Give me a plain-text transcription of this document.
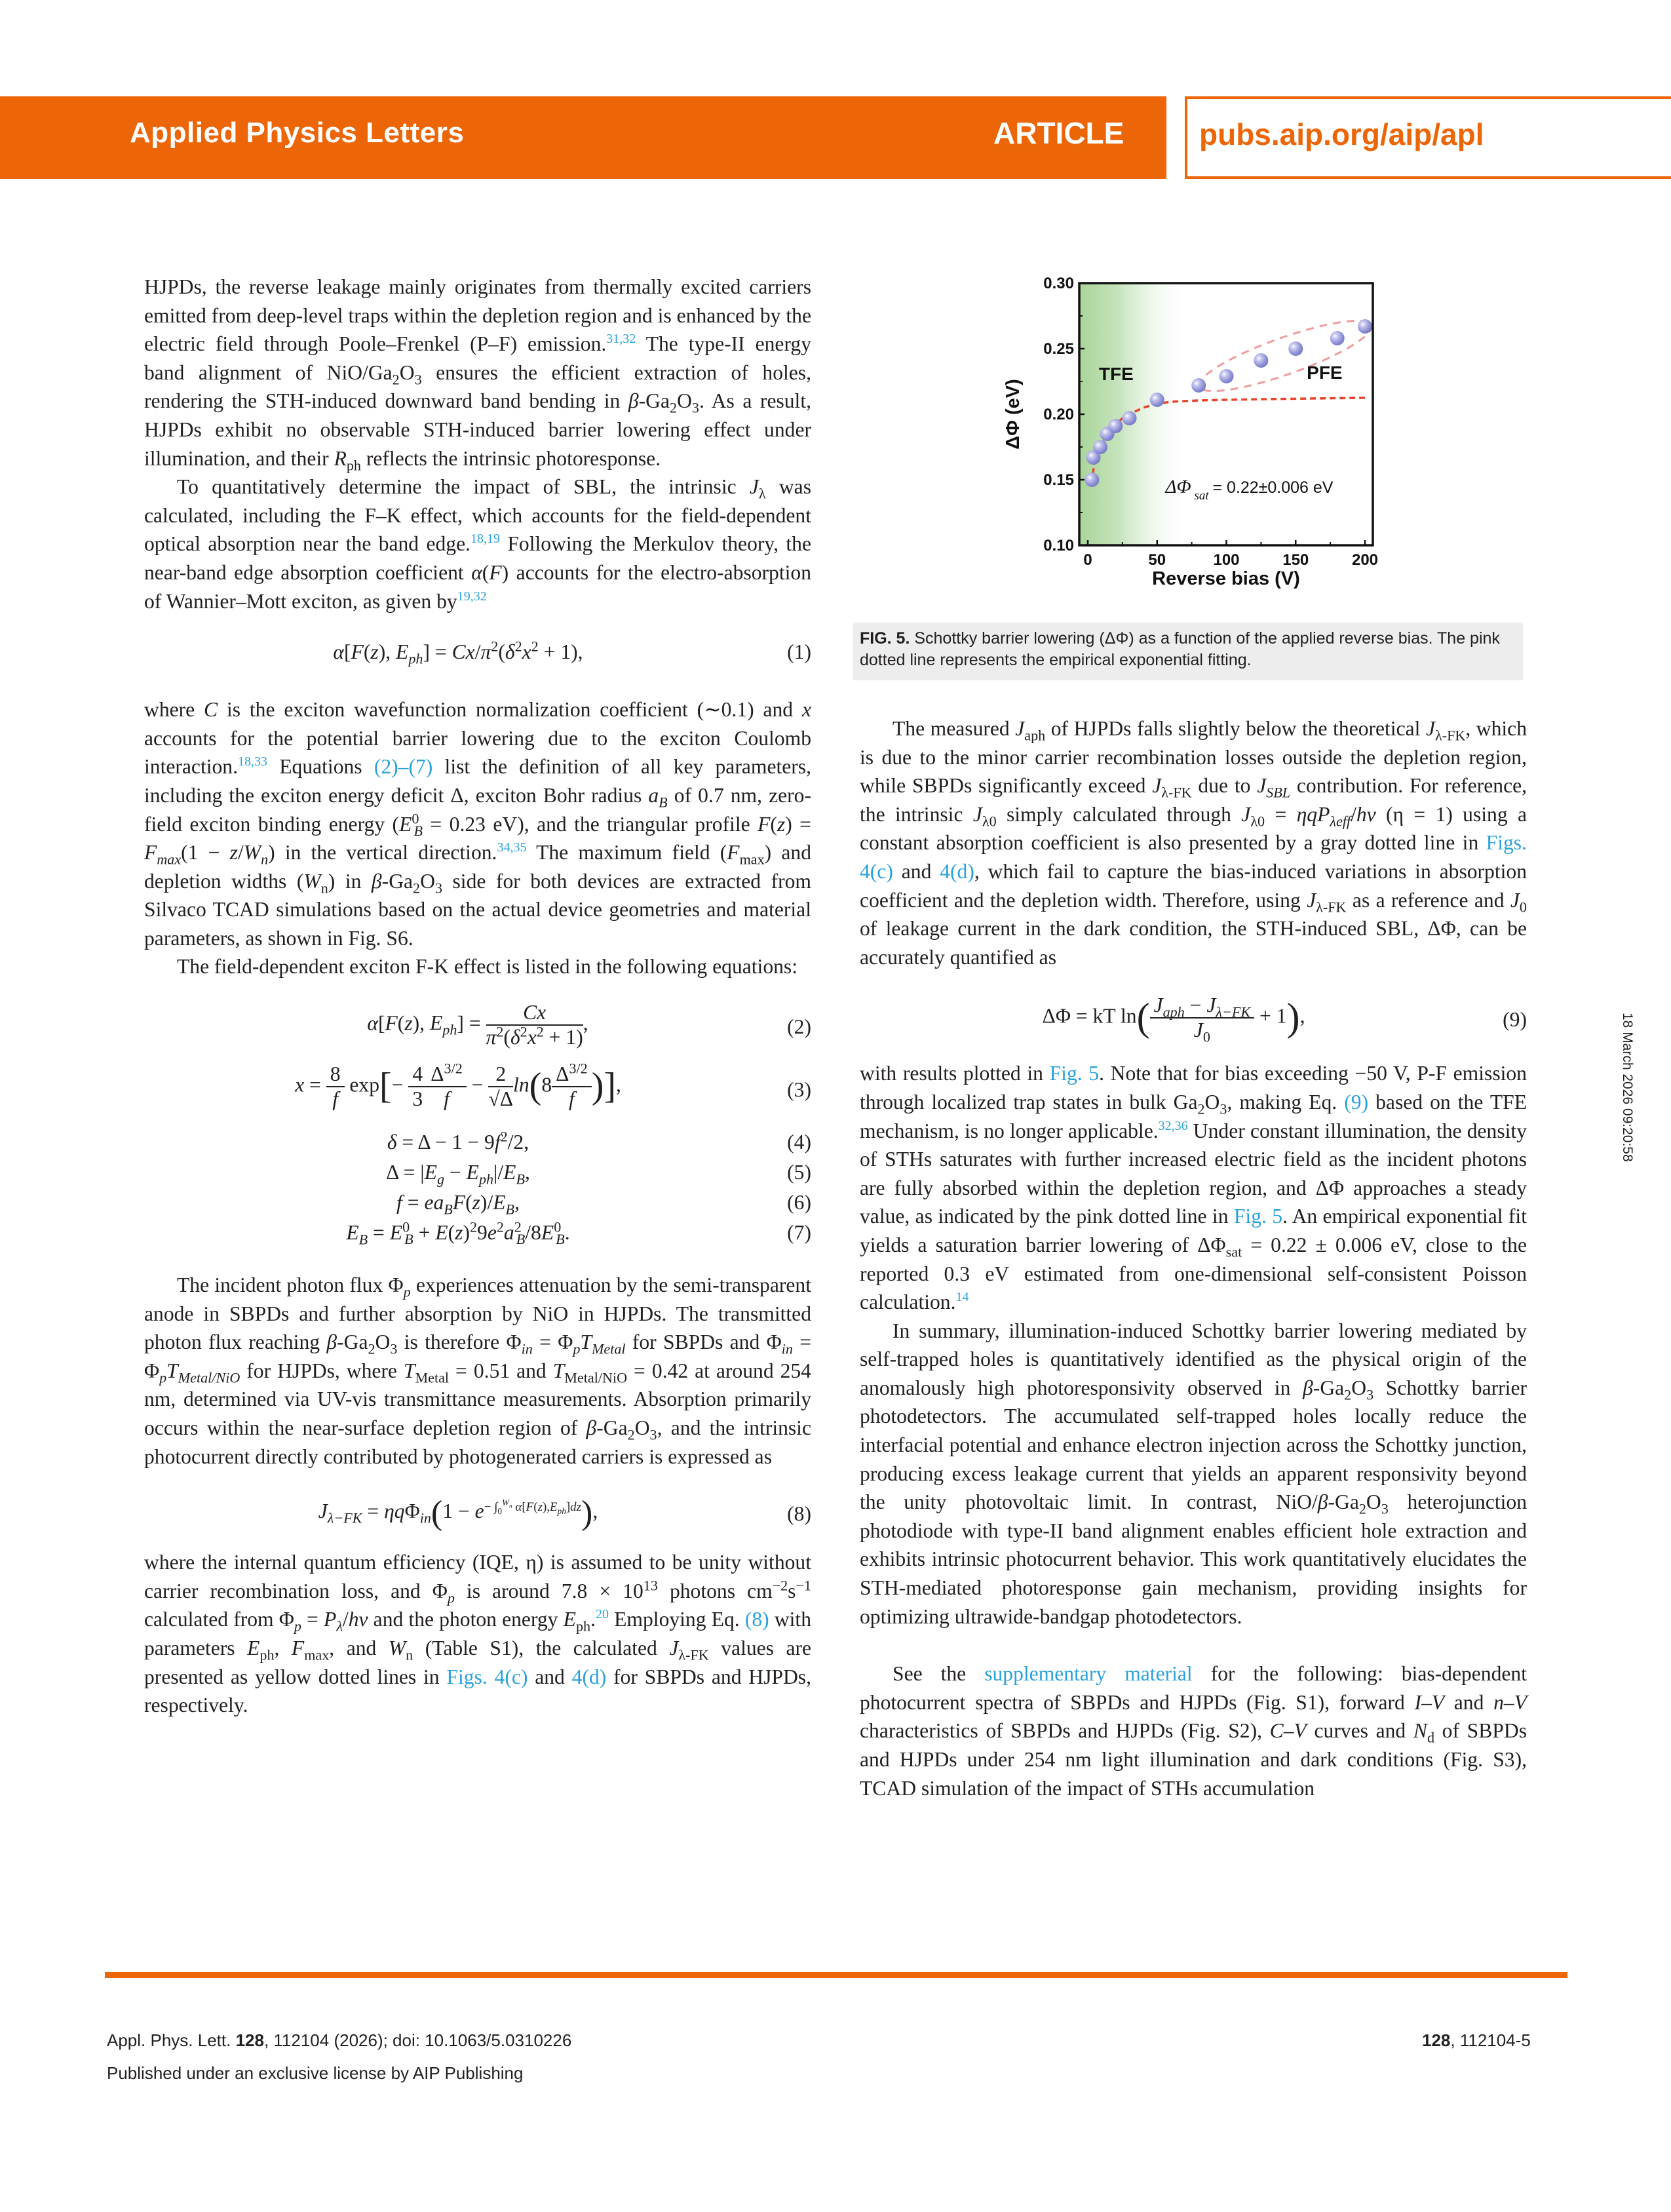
Applied Physics Letters	ARTICLE pubs.aip.org/aip/apl

HJPDs, the reverse leakage mainly originates from thermally excited carriers emitted from deep-level traps within the depletion region and is enhanced by the electric field through Poole–Frenkel (P–F) emission.$^{31,32}$ The type-II energy band alignment of NiO/$Ga_2O_3$ ensures the efficient extraction of holes, rendering the STH-induced downward band bending in $\beta-Ga_2O_3$. As a result, HJPDs exhibit no observable STH-induced barrier lowering effect under illumination, and their $R_{ph}$ reflects the intrinsic photoresponse.

To quantitatively determine the impact of SBL, the intrinsic $J_\lambda$ was calculated, including the F–K effect, which accounts for the field-dependent optical absorption near the band edge.$^{18,19}$ Following the Merkulov theory, the near-band edge absorption coefficient α(F) accounts for the electro-absorption of Wannier–Mott exciton, as given by$^{19,32}$

α[F(z), $E_{ph}] = Cx/\pi^2(\delta^2x^2 + 1)$,	(1)

where C is the exciton wavefunction normalization coefficient (∼0.1) and x accounts for the potential barrier lowering due to the exciton Coulomb interaction.$^{18,33}$ Equations (2)–(7) list the definition of all key parameters, including the exciton energy deficit Δ, exciton Bohr radius $a_B$ of 0.7 nm, zero-field exciton binding energy ($E^0_B = 0.23$ eV), and the triangular profile $F(z) = F_{max}(1 - z/W_n)$ in the vertical direction.$^{34,35}$ The maximum field $(F_{max})$ and depletion widths $(W_n)$ in $\beta-Ga_2O_3$ side for both devices are extracted from Silvaco TCAD simulations based on the actual device geometries and material parameters, as shown in Fig. S6.

The field-dependent exciton F-K effect is listed in the following equations:

α[F(z), $E_{ph}] = \frac{Cx}{\pi^2(\delta^2x^2 + 1)}$ ,	(2)
$x = \frac{8}{f} \exp[- \frac{4}{3} \frac{\Delta^{3/2}}{f} - \frac{2}{√\Delta} \ln(8 \frac{\Delta^{3/2}}{f}$ )],	(3)
$\delta = \Delta - 1 - 9f^2/2$,	(4)
$\Delta = |E_g - E_{ph}|/E_B$,	(5)
$f = ea_BF(z)/E_B$,	(6)
$E_B = E^0_B + E(z)^29e^2a^2_B/8E^0_B$.	(7)

The incident photon flux $\Phi_p$ experiences attenuation by the semi-transparent anode in SBPDs and further absorption by NiO in HJPDs. The transmitted photon flux reaching $\beta-Ga_2O_3$ is therefore $\Phi_{in} = \Phi_pT_{Metal}$ for SBPDs and $\Phi_{in} = \Phi_pT_{Metal/NiO}$ for HJPDs, where $T_{Metal} = 0.51$ and $T_{Metal/NiO} = 0.42$ at around 254 nm, determined via UV-vis transmittance measurements. Absorption primarily occurs within the near-surface depletion region of $\beta-Ga_2O_3$, and the intrinsic photocurrent directly contributed by photogenerated carriers is expressed as

$J_{\lambda-FK} = \eta q\Phi_{in}(1 - e^{- \int_0^{W_n} \alpha[F(z),E_{ph}]dz})$,	(8)

where the internal quantum efficiency (IQE, η) is assumed to be unity without carrier recombination loss, and $\Phi_p$ is around $7.8 \times 10^{13}$ photons $cm^{-2}s^{-1}$ calculated from $\Phi_p = P_\lambda/h\nu$ and the photon energy $E_{ph}.^{20}$ Employing Eq. (8) with parameters $E_{ph}$, $F_{max}$, and $W_n$ (Table S1), the calculated $J_{\lambda-FK}$ values are presented as yellow dotted lines in Figs. 4(c) and 4(d) for SBPDs and HJPDs, respectively.

0	50	100	150	200
0.10
0.15
0.20
0.25
0.30
Reverse bias (V)
ΔΦ (eV)
TFE	PFE
ΔΦ sat = 0.22±0.006 eV
FIG. 5. Schottky barrier lowering (ΔΦ) as a function of the applied reverse bias. The pink dotted line represents the empirical exponential fitting.

The measured $J_{aph}$ of HJPDs falls slightly below the theoretical $J_{\lambda-FK}$, which is due to the minor carrier recombination losses outside the depletion region, while SBPDs significantly exceed $J_{\lambda-FK}$ due to $J_{SBL}$ contribution. For reference, the intrinsic $J_{\lambda 0}$ simply calculated through $J_{\lambda 0} = \eta qP_{\lambda eff}/h\nu$ (η = 1) using a constant absorption coefficient is also presented by a gray dotted line in Figs. 4(c) and 4(d), which fail to capture the bias-induced variations in absorption coefficient and the depletion width. Therefore, using $J_{\lambda-FK}$ as a reference and $J_0$ of leakage current in the dark condition, the STH-induced SBL, ΔΦ, can be accurately quantified as

ΔΦ = kT $\ln( \frac{J_{aph} - J_{\lambda-FK}}{J_0} + 1)$,	(9)

with results plotted in Fig. 5. Note that for bias exceeding −50 V, P-F emission through localized trap states in bulk $Ga_2O_3$, making Eq. (9) based on the TFE mechanism, is no longer applicable.$^{32,36}$ Under constant illumination, the density of STHs saturates with further increased electric field as the incident photons are fully absorbed within the depletion region, and ΔΦ approaches a steady value, as indicated by the pink dotted line in Fig. 5. An empirical exponential fit yields a saturation barrier lowering of $\Delta\Phi_{sat} = 0.22 \pm 0.006$ eV, close to the reported 0.3 eV estimated from one-dimensional self-consistent Poisson calculation.$^{14}$

In summary, illumination-induced Schottky barrier lowering mediated by self-trapped holes is quantitatively identified as the physical origin of the anomalously high photoresponsivity observed in $\beta-Ga_2O_3$ Schottky barrier photodetectors. The accumulated self-trapped holes locally reduce the interfacial potential and enhance electron injection across the Schottky junction, producing excess leakage current that yields an apparent responsivity beyond the unity photovoltaic limit. In contrast, NiO/$\beta-Ga_2O_3$ heterojunction photodiode with type-II band alignment enables efficient hole extraction and exhibits intrinsic photocurrent behavior. This work quantitatively elucidates the STH-mediated photoresponse gain mechanism, providing insights for optimizing ultrawide-bandgap photodetectors.

See the supplementary material for the following: bias-dependent photocurrent spectra of SBPDs and HJPDs (Fig. S1), forward I–V and n–V characteristics of SBPDs and HJPDs (Fig. S2), C–V curves and $N_d$ of SBPDs and HJPDs under 254 nm light illumination and dark conditions (Fig. S3), TCAD simulation of the impact of STHs accumulation

18 March 2026 09:20:58
Appl. Phys. Lett. 128, 112104 (2026); doi: 10.1063/5.0310226
Published under an exclusive license by AIP Publishing
128, 112104-5
